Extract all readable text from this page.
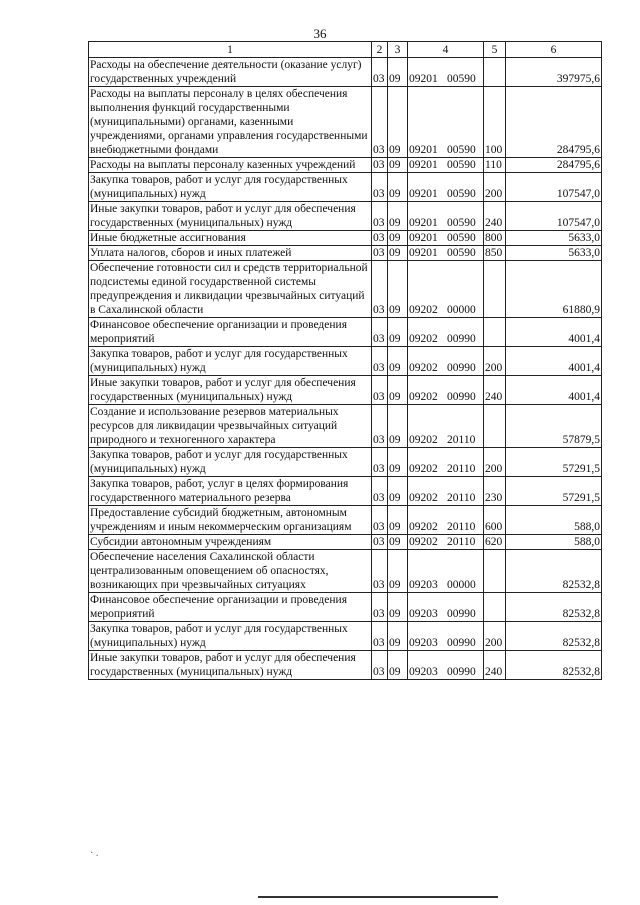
36
1	2	3	4	5	6
Расходы на обеспечение деятельности (оказание услуг) государственных учреждений	03	09	09201 00590		397975,6
Расходы на выплаты персоналу в целях обеспечения выполнения функций государственными (муниципальными) органами, казенными учреждениями, органами управления государственными внебюджетными фондами	03	09	09201 00590	100	284795,6
Расходы на выплаты персоналу казенных учреждений	03	09	09201 00590	110	284795,6
Закупка товаров, работ и услуг для государственных (муниципальных) нужд	03	09	09201 00590	200	107547,0
Иные закупки товаров, работ и услуг для обеспечения государственных (муниципальных) нужд	03	09	09201 00590	240	107547,0
Иные бюджетные ассигнования	03	09	09201 00590	800	5633,0
Уплата налогов, сборов и иных платежей	03	09	09201 00590	850	5633,0
Обеспечение готовности сил и средств территориальной подсистемы единой государственной системы предупреждения и ликвидации чрезвычайных ситуаций в Сахалинской области	03	09	09202 00000		61880,9
Финансовое обеспечение организации и проведения мероприятий	03	09	09202 00990		4001,4
Закупка товаров, работ и услуг для государственных (муниципальных) нужд	03	09	09202 00990	200	4001,4
Иные закупки товаров, работ и услуг для обеспечения государственных (муниципальных) нужд	03	09	09202 00990	240	4001,4
Создание и использование резервов материальных ресурсов для ликвидации чрезвычайных ситуаций природного и техногенного характера	03	09	09202 20110		57879,5
Закупка товаров, работ и услуг для государственных (муниципальных) нужд	03	09	09202 20110	200	57291,5
Закупка товаров, работ, услуг в целях формирования государственного материального резерва	03	09	09202 20110	230	57291,5
Предоставление субсидий бюджетным, автономным учреждениям и иным некоммерческим организациям	03	09	09202 20110	600	588,0
Субсидии автономным учреждениям	03	09	09202 20110	620	588,0
Обеспечение населения Сахалинской области централизованным оповещением об опасностях, возникающих при чрезвычайных ситуациях	03	09	09203 00000		82532,8
Финансовое обеспечение организации и проведения мероприятий	03	09	09203 00990		82532,8
Закупка товаров, работ и услуг для государственных (муниципальных) нужд	03	09	09203 00990	200	82532,8
Иные закупки товаров, работ и услуг для обеспечения государственных (муниципальных) нужд	03	09	09203 00990	240	82532,8
· .
